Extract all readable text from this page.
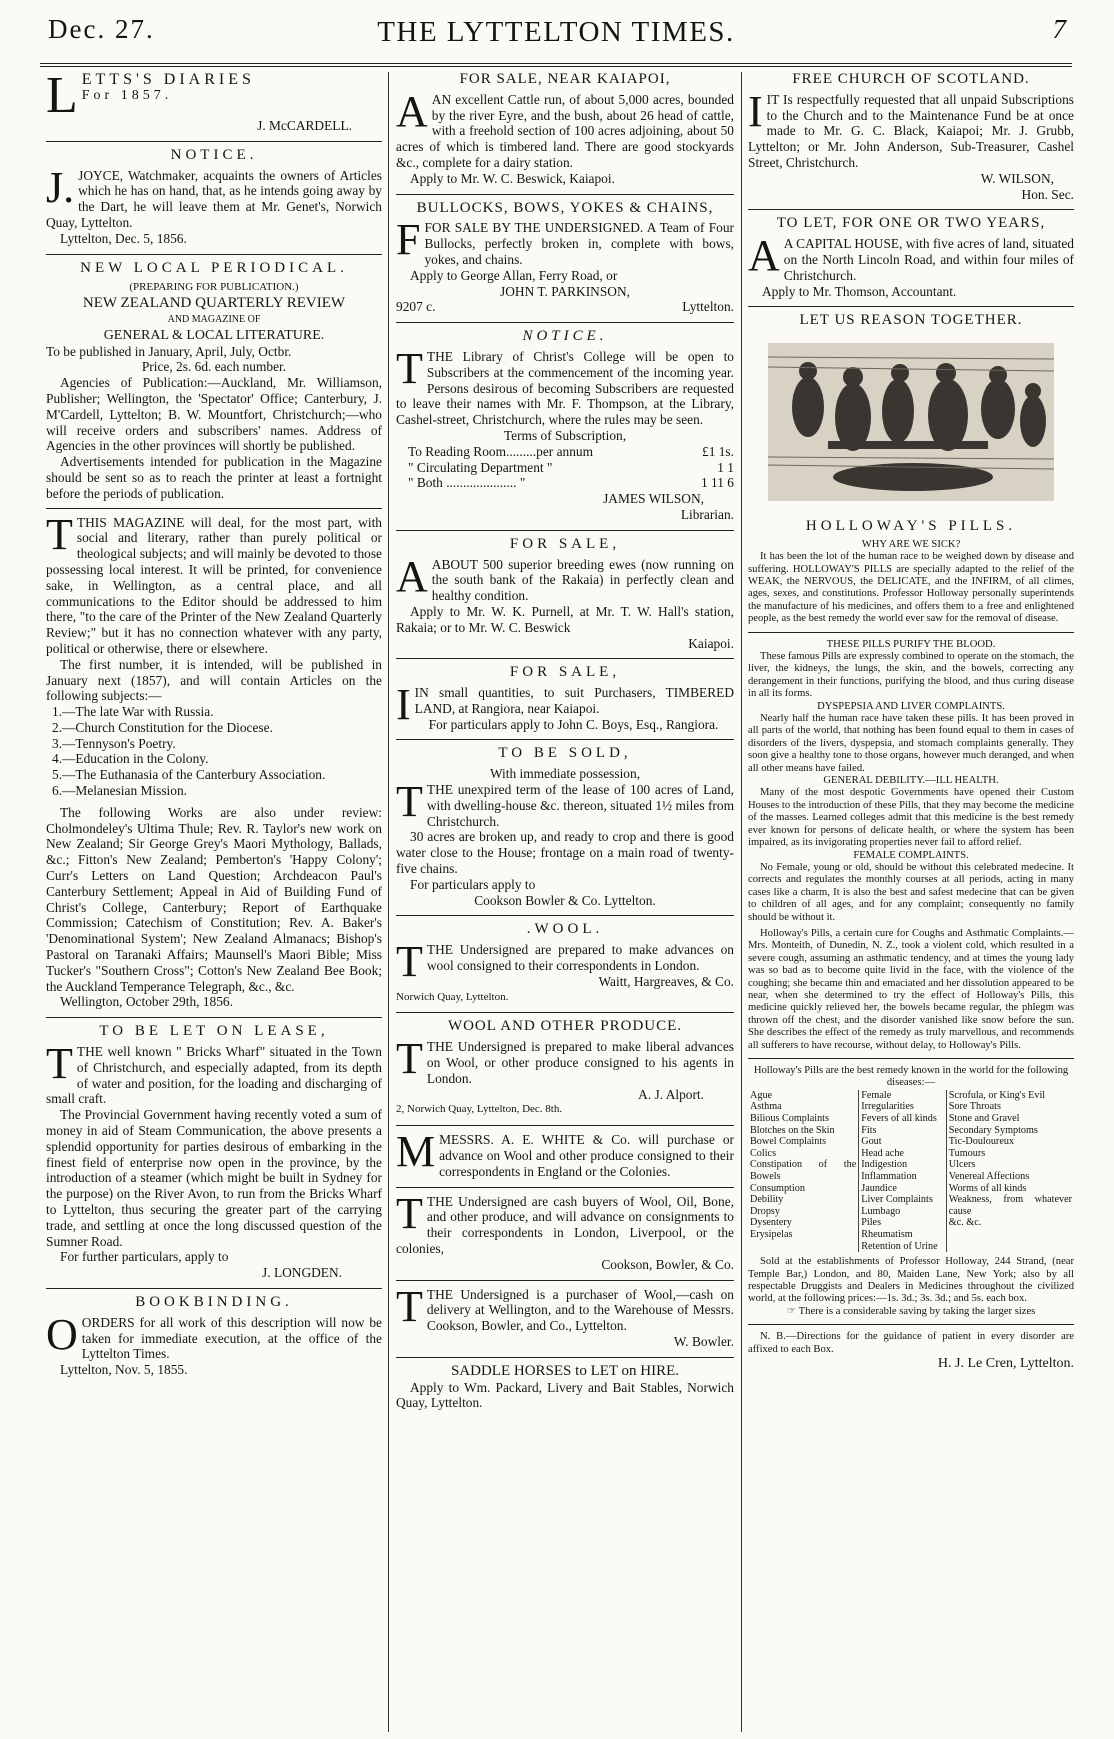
Dec. 27.	THE LYTTELTON TIMES.	7
L ETTS'S DIARIES
For 1857.
J. McCARDELL.
NOTICE.
J. JOYCE, Watchmaker, acquaints the owners of Articles which he has on hand, that, as he intends going away by the Dart, he will leave them at Mr. Genet's, Norwich Quay, Lyttelton.

Lyttelton, Dec. 5, 1856.

NEW LOCAL PERIODICAL.
(PREPARING FOR PUBLICATION.)
NEW ZEALAND QUARTERLY REVIEW
AND MAGAZINE OF
GENERAL & LOCAL LITERATURE.

To be published in January, April, July, Octbr.

Price, 2s. 6d. each number.

Agencies of Publication:—Auckland, Mr. Williamson, Publisher; Wellington, the 'Spectator' Office; Canterbury, J. M'Cardell, Lyttelton; B. W. Mountfort, Christchurch;—who will receive orders and subscribers' names. Address of Agencies in the other provinces will shortly be published.

Advertisements intended for publication in the Magazine should be sent so as to reach the printer at least a fortnight before the periods of publication.

T THIS MAGAZINE will deal, for the most part, with social and literary, rather than purely political or theological subjects; and will mainly be devoted to those possessing local interest. It will be printed, for convenience sake, in Wellington, as a central place, and all communications to the Editor should be addressed to him there, "to the care of the Printer of the New Zealand Quarterly Review;" but it has no connection whatever with any party, political or otherwise, there or elsewhere.

The first number, it is intended, will be published in January next (1857), and will contain Articles on the following subjects:—

1.—The late War with Russia.
2.—Church Constitution for the Diocese.
3.—Tennyson's Poetry.
4.—Education in the Colony.
5.—The Euthanasia of the Canterbury Association.
6.—Melanesian Mission.

The following Works are also under review: Cholmondeley's Ultima Thule; Rev. R. Taylor's new work on New Zealand; Sir George Grey's Maori Mythology, Ballads, &c.; Fitton's New Zealand; Pemberton's 'Happy Colony'; Curr's Letters on Land Question; Archdeacon Paul's Canterbury Settlement; Appeal in Aid of Building Fund of Christ's College, Canterbury; Report of Earthquake Commission; Catechism of Constitution; Rev. A. Baker's 'Denominational System'; New Zealand Almanacs; Bishop's Pastoral on Taranaki Affairs; Maunsell's Maori Bible; Miss Tucker's "Southern Cross"; Cotton's New Zealand Bee Book; the Auckland Temperance Telegraph, &c., &c.

Wellington, October 29th, 1856.

TO BE LET ON LEASE,
T THE well known " Bricks Wharf" situated in the Town of Christchurch, and especially adapted, from its depth of water and position, for the loading and discharging of small craft.

The Provincial Government having recently voted a sum of money in aid of Steam Communication, the above presents a splendid opportunity for parties desirous of embarking in the finest field of enterprise now open in the province, by the introduction of a steamer (which might be built in Sydney for the purpose) on the River Avon, to run from the Bricks Wharf to Lyttelton, thus securing the greater part of the carrying trade, and settling at once the long discussed question of the Sumner Road.

For further particulars, apply to

J. LONGDEN.
BOOKBINDING.
O ORDERS for all work of this description will now be taken for immediate execution, at the office of the Lyttelton Times.

Lyttelton, Nov. 5, 1855.

FOR SALE, NEAR KAIAPOI,
A AN excellent Cattle run, of about 5,000 acres, bounded by the river Eyre, and the bush, about 26 head of cattle, with a freehold section of 100 acres adjoining, about 50 acres of which is timbered land. There are good stockyards &c., complete for a dairy station.

Apply to Mr. W. C. Beswick, Kaiapoi.

BULLOCKS, BOWS, YOKES & CHAINS,
F FOR SALE BY THE UNDERSIGNED. A Team of Four Bullocks, perfectly broken in, complete with bows, yokes, and chains.

Apply to George Allan, Ferry Road, or

JOHN T. PARKINSON,
9207 c.	Lyttelton.
NOTICE.
T THE Library of Christ's College will be open to Subscribers at the commencement of the incoming year. Persons desirous of becoming Subscribers are requested to leave their names with Mr. F. Thompson, at the Library, Cashel-street, Christchurch, where the rules may be seen.

Terms of Subscription,
To Reading Room.........per annum	£1 1s.
" Circulating Department "	1 1
" Both ..................... "	1 11 6
JAMES WILSON,
Librarian.
FOR SALE,
A ABOUT 500 superior breeding ewes (now running on the south bank of the Rakaia) in perfectly clean and healthy condition.

Apply to Mr. W. K. Purnell, at Mr. T. W. Hall's station, Rakaia; or to Mr. W. C. Beswick

Kaiapoi.
FOR SALE,
I IN small quantities, to suit Purchasers, TIMBERED LAND, at Rangiora, near Kaiapoi.

For particulars apply to John C. Boys, Esq., Rangiora.

TO BE SOLD,
With immediate possession,
T THE unexpired term of the lease of 100 acres of Land, with dwelling-house &c. thereon, situated 1½ miles from Christchurch.

30 acres are broken up, and ready to crop and there is good water close to the House; frontage on a main road of twenty-five chains.

For particulars apply to

Cookson Bowler & Co. Lyttelton.
.WOOL.
T THE Undersigned are prepared to make advances on wool consigned to their correspondents in London.

Waitt, Hargreaves, & Co.
Norwich Quay, Lyttelton.
WOOL AND OTHER PRODUCE.
T THE Undersigned is prepared to make liberal advances on Wool, or other produce consigned to his agents in London.

A. J. Alport.
2, Norwich Quay, Lyttelton, Dec. 8th.
M MESSRS. A. E. WHITE & Co. will purchase or advance on Wool and other produce consigned to their correspondents in England or the Colonies.

T THE Undersigned are cash buyers of Wool, Oil, Bone, and other produce, and will advance on consignments to their correspondents in London, Liverpool, or the colonies,

Cookson, Bowler, & Co.
T THE Undersigned is a purchaser of Wool,—cash on delivery at Wellington, and to the Warehouse of Messrs. Cookson, Bowler, and Co., Lyttelton.

W. Bowler.
SADDLE HORSES to LET on HIRE.

Apply to Wm. Packard, Livery and Bait Stables, Norwich Quay, Lyttelton.

FREE CHURCH OF SCOTLAND.
I IT Is respectfully requested that all unpaid Subscriptions to the Church and to the Maintenance Fund be at once made to Mr. G. C. Black, Kaiapoi; Mr. J. Grubb, Lyttelton; or Mr. John Anderson, Sub-Treasurer, Cashel Street, Christchurch.

W. WILSON,
Hon. Sec.
TO LET, FOR ONE OR TWO YEARS,
A A CAPITAL HOUSE, with five acres of land, situated on the North Lincoln Road, and within four miles of Christchurch.

Apply to Mr. Thomson, Accountant.

LET US REASON TOGETHER.
HOLLOWAY'S PILLS.
WHY ARE WE SICK?

It has been the lot of the human race to be weighed down by disease and suffering. HOLLOWAY'S PILLS are specially adapted to the relief of the WEAK, the NERVOUS, the DELICATE, and the INFIRM, of all climes, ages, sexes, and constitutions. Professor Holloway personally superintends the manufacture of his medicines, and offers them to a free and enlightened people, as the best remedy the world ever saw for the removal of disease.

THESE PILLS PURIFY THE BLOOD.

These famous Pills are expressly combined to operate on the stomach, the liver, the kidneys, the lungs, the skin, and the bowels, correcting any derangement in their functions, purifying the blood, and thus curing disease in all its forms.

DYSPEPSIA AND LIVER COMPLAINTS.

Nearly half the human race have taken these pills. It has been proved in all parts of the world, that nothing has been found equal to them in cases of disorders of the livers, dyspepsia, and stomach complaints generally. They soon give a healthy tone to those organs, however much deranged, and when all other means have failed.

GENERAL DEBILITY.—ILL HEALTH.

Many of the most despotic Governments have opened their Custom Houses to the introduction of these Pills, that they may become the medicine of the masses. Learned colleges admit that this medicine is the best remedy ever known for persons of delicate health, or where the system has been impaired, as its invigorating properties never fail to afford relief.

FEMALE COMPLAINTS.

No Female, young or old, should be without this celebrated medecine. It corrects and regulates the monthly courses at all periods, acting in many cases like a charm, It is also the best and safest medecine that can be given to children of all ages, and for any complaint; consequently no family should be without it.

Holloway's Pills, a certain cure for Coughs and Asthmatic Complaints.—Mrs. Monteith, of Dunedin, N. Z., took a violent cold, which resulted in a severe cough, assuming an asthmatic tendency, and at times the young lady was so bad as to become quite livid in the face, with the violence of the coughing; she became thin and emaciated and her dissolution appeared to be near, when she determined to try the effect of Holloway's Pills, this medicine quickly relieved her, the bowels became regular, the phlegm was thrown off the chest, and the disorder vanished like snow before the sun. She describes the effect of the remedy as truly marvellous, and recommends all sufferers to have recourse, without delay, to Holloway's Pills.

Holloway's Pills are the best remedy known in the world for the following diseases:—
Ague
Asthma
Bilious Complaints
Blotches on the Skin
Bowel Complaints
Colics
Constipation of the Bowels
Consumption
Debility
Dropsy
Dysentery
Erysipelas

Female Irregularities
Fevers of all kinds
Fits
Gout
Head ache
Indigestion
Inflammation
Jaundice
Liver Complaints
Lumbago
Piles
Rheumatism
Retention of Urine

Scrofula, or King's Evil
Sore Throats
Stone and Gravel
Secondary Symptoms
Tic-Douloureux
Tumours
Ulcers
Venereal Affections
Worms of all kinds
Weakness, from whatever cause
&c. &c.

Sold at the establishments of Professor Holloway, 244 Strand, (near Temple Bar,) London, and 80, Maiden Lane, New York; also by all respectable Druggists and Dealers in Medicines throughout the civilized world, at the following prices:—1s. 3d.; 3s. 3d.; and 5s. each box.

☞ There is a considerable saving by taking the larger sizes

N. B.—Directions for the guidance of patient in every disorder are affixed to each Box.

H. J. Le Cren, Lyttelton.
